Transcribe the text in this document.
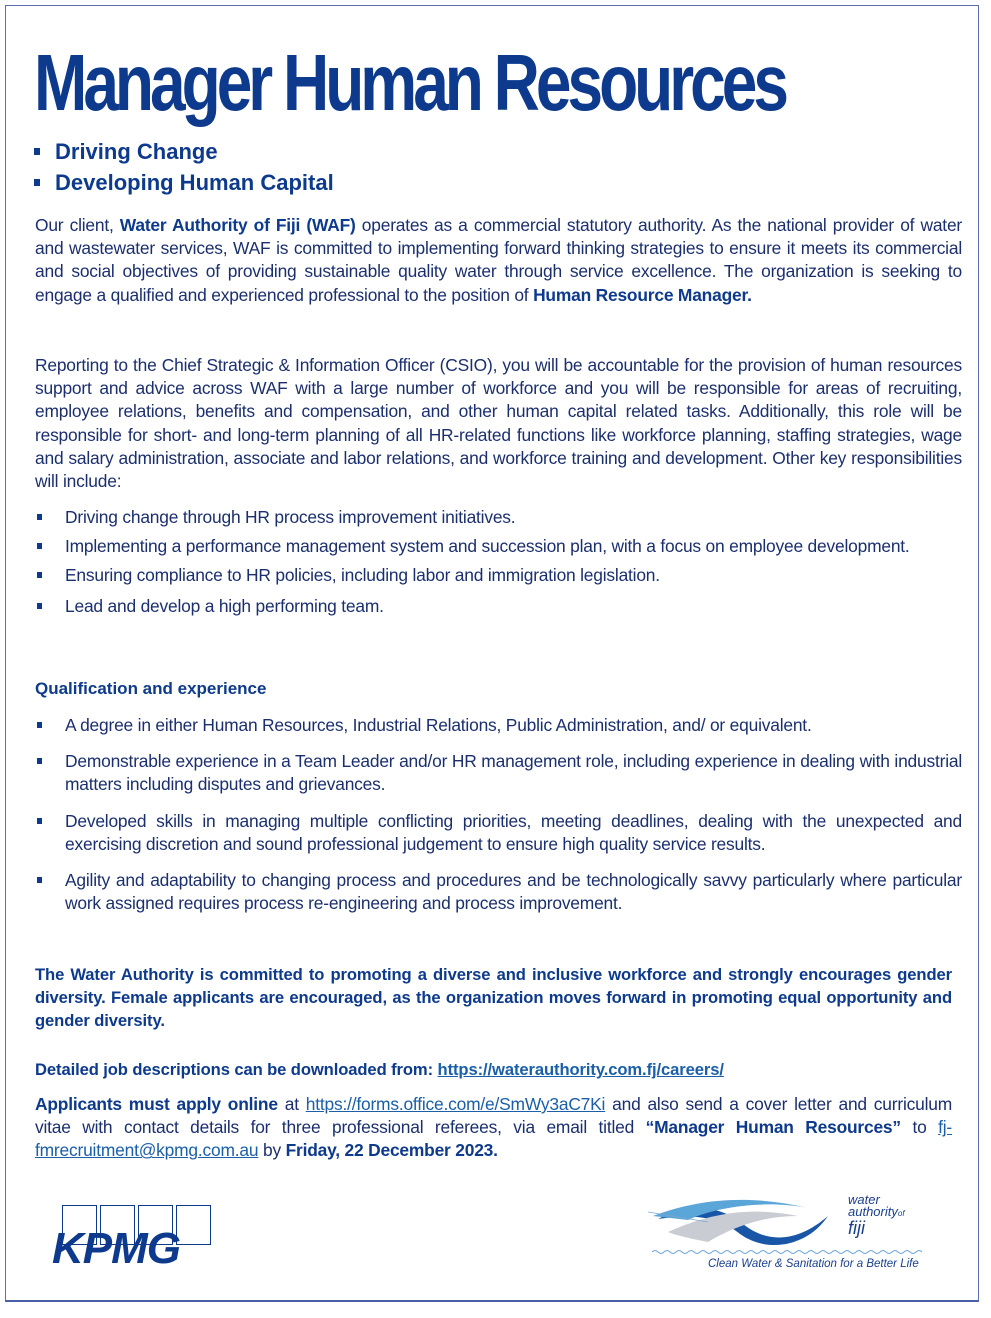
Manager Human Resources
Driving Change
Developing Human Capital
Our client, Water Authority of Fiji (WAF) operates as a commercial statutory authority. As the national provider of water and wastewater services, WAF is committed to implementing forward thinking strategies to ensure it meets its commercial and social objectives of providing sustainable quality water through service excellence. The organization is seeking to engage a qualified and experienced professional to the position of Human Resource Manager.
Reporting to the Chief Strategic & Information Officer (CSIO), you will be accountable for the provision of human resources support and advice across WAF with a large number of workforce and you will be responsible for areas of recruiting, employee relations, benefits and compensation, and other human capital related tasks. Additionally, this role will be responsible for short- and long-term planning of all HR-related functions like workforce planning, staffing strategies, wage and salary administration, associate and labor relations, and workforce training and development. Other key responsibilities will include:
Driving change through HR process improvement initiatives.
Implementing a performance management system and succession plan, with a focus on employee development.
Ensuring compliance to HR policies, including labor and immigration legislation.
Lead and develop a high performing team.
Qualification and experience
A degree in either Human Resources, Industrial Relations, Public Administration, and/ or equivalent.
Demonstrable experience in a Team Leader and/or HR management role, including experience in dealing with industrial matters including disputes and grievances.
Developed skills in managing multiple conflicting priorities, meeting deadlines, dealing with the unexpected and exercising discretion and sound professional judgement to ensure high quality service results.
Agility and adaptability to changing process and procedures and be technologically savvy particularly where particular work assigned requires process re-engineering and process improvement.
The Water Authority is committed to promoting a diverse and inclusive workforce and strongly encourages gender diversity. Female applicants are encouraged, as the organization moves forward in promoting equal opportunity and gender diversity.
Detailed job descriptions can be downloaded from: https://waterauthority.com.fj/careers/
Applicants must apply online at https://forms.office.com/e/SmWy3aC7Ki and also send a cover letter and curriculum vitae with contact details for three professional referees, via email titled “Manager Human Resources” to fj-fmrecruitment@kpmg.com.au by Friday, 22 December 2023.
KPMG
water
authorityof
fiji
Clean Water & Sanitation for a Better Life
